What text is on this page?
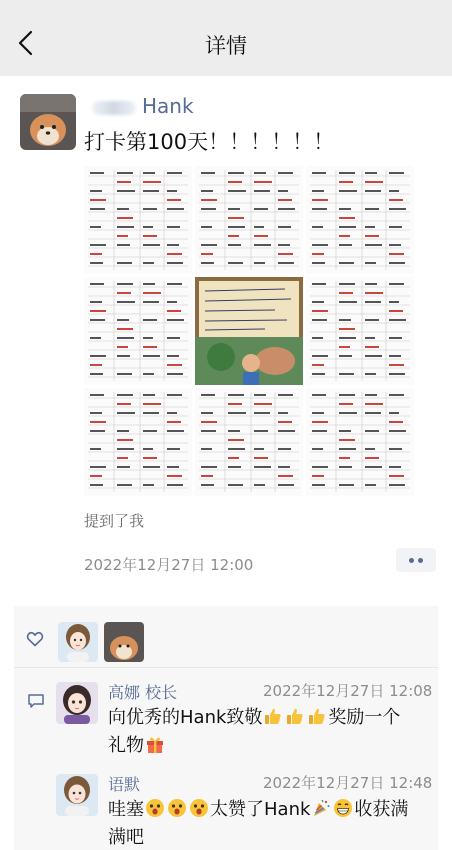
详情
Hank
打卡第100天！！！！！！
提到了我
2022年12月27日 12:00
高娜 校长	2022年12月27日 12:08
向优秀的Hank致敬	奖励一个
礼物
语默	2022年12月27日 12:48
哇塞	太赞了Hank 收获满
满吧
